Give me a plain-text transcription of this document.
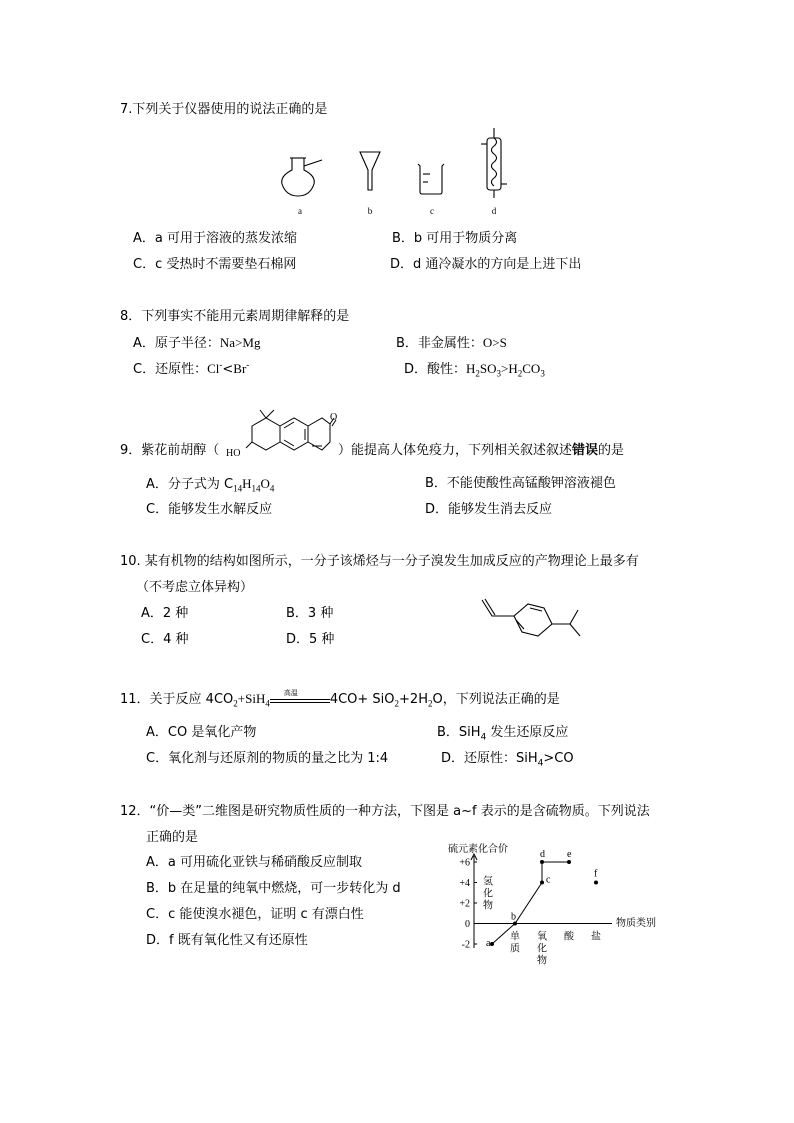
7.下列关于仪器使用的说法正确的是
a	b	c	d
A．a 可用于溶液的蒸发浓缩	B．b 可用于物质分离
C．c 受热时不需要垫石棉网	D．d 通冷凝水的方向是上进下出
8．下列事实不能用元素周期律解释的是
A．原子半径：Na>Mg	B．非金属性：O>S
C．还原性：Cl-<Br-	D．酸性：$H_2SO_3>H_2CO_3$
9．紫花前胡醇（ HO
O
）能提高人体免疫力，下列相关叙述叙述错误的是
A．分子式为 $C_{14}H_{14}O_4$	B．不能使酸性高锰酸钾溶液褪色
C．能够发生水解反应	D．能够发生消去反应
10. 某有机物的结构如图所示，一分子该烯烃与一分子溴发生加成反应的产物理论上最多有
（不考虑立体异构）
A．2 种	B．3 种
C．4 种	D．5 种
11．关于反应 $4CO_2+SiH_4$
高温 $4CO+ SiO_2+2H_2O$，下列说法正确的是
A．CO 是氧化产物	B．SiH$_4$ 发生还原反应
C．氧化剂与还原剂的物质的量之比为 1:4	D．还原性：SiH$_4$>CO
12．“价—类”二维图是研究物质性质的一种方法，下图是 a~f 表示的是含硫物质。下列说法
正确的是
A．a 可用硫化亚铁与稀硝酸反应制取
B．b 在足量的纯氧中燃烧，可一步转化为 d
C．c 能使溴水褪色，证明 c 有漂白性
D．f 既有氧化性又有还原性
硫元素化合价
物质类别
+6
+4
+2
0
-2
氢
化
物
单
质
氧
化
物
酸 盐
a
b
c
d e
f
